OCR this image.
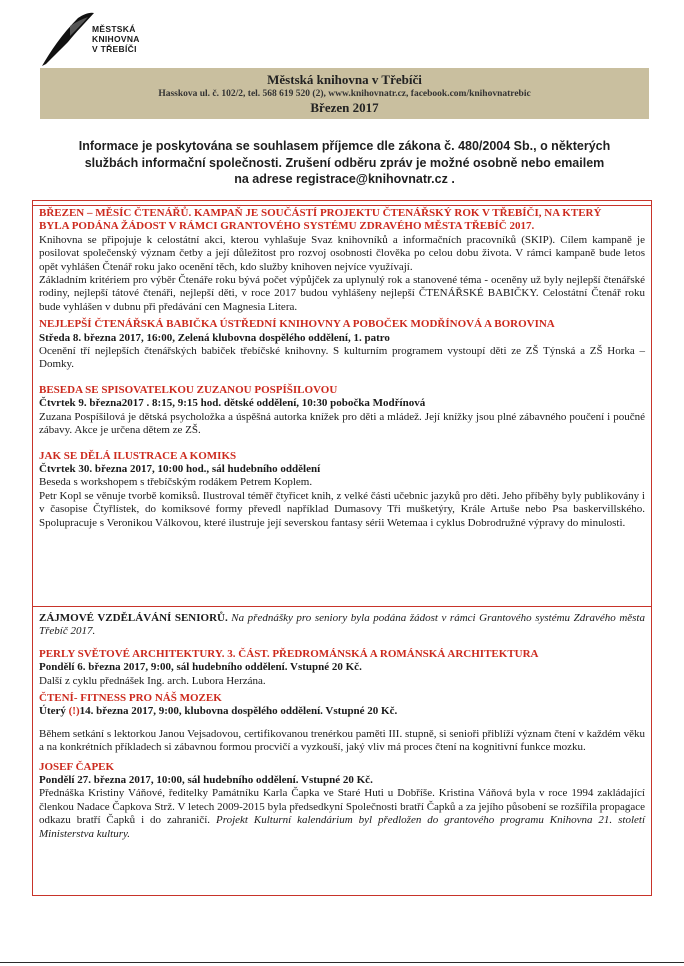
MĚSTSKÁ
KNIHOVNA
V TŘEBÍČI
Městská knihovna v Třebíči
Hasskova ul. č. 102/2, tel. 568 619 520 (2), www.knihovnatr.cz, facebook.com/knihovnatrebic
Březen 2017
Informace je poskytována se souhlasem příjemce dle zákona č. 480/2004 Sb., o některých
službách informační společnosti. Zrušení odběru zpráv je možné osobně nebo emailem
na adrese registrace@knihovnatr.cz .
BŘEZEN – MĚSÍC ČTENÁŘŮ. KAMPAŇ JE SOUČÁSTÍ PROJEKTU ČTENÁŘSKÝ ROK V TŘEBÍČI, NA KTERÝ
BYLA PODÁNA ŽÁDOST V RÁMCI GRANTOVÉHO SYSTÉMU ZDRAVÉHO MĚSTA TŘEBÍČ 2017.

Knihovna se připojuje k celostátní akci, kterou vyhlašuje Svaz knihovníků a informačních pracovníků (SKIP). Cílem kampaně je posilovat společenský význam četby a její důležitost pro rozvoj osobnosti člověka po celou dobu života. V rámci kampaně bude letos opět vyhlášen Čtenář roku jako ocenění těch, kdo služby knihoven nejvíce využívají.

Základním kritériem pro výběr Čtenáře roku bývá počet výpůjček za uplynulý rok a stanovené téma - oceněny už byly nejlepší čtenářské rodiny, nejlepší tátové čtenáři, nejlepší děti, v roce 2017 budou vyhlášeny nejlepší ČTENÁŘSKÉ BABIČKY. Celostátní Čtenář roku bude vyhlášen v dubnu při předávání cen Magnesia Litera.

NEJLEPŠÍ ČTENÁŘSKÁ BABIČKA ÚSTŘEDNÍ KNIHOVNY A POBOČEK MODŘÍNOVÁ A BOROVINA
Středa 8. března 2017, 16:00, Zelená klubovna dospělého oddělení, 1. patro

Ocenění tří nejlepších čtenářských babiček třebíčské knihovny. S kulturním programem vystoupí děti ze ZŠ Týnská a ZŠ Horka – Domky.

BESEDA SE SPISOVATELKOU ZUZANOU POSPÍŠILOVOU
Čtvrtek 9. března2017 . 8:15, 9:15 hod. dětské oddělení, 10:30 pobočka Modřínová

Zuzana Pospíšilová je dětská psycholožka a úspěšná autorka knížek pro děti a mládež. Její knížky jsou plné zábavného poučení i poučné zábavy. Akce je určena dětem ze ZŠ.

JAK SE DĚLÁ ILUSTRACE A KOMIKS
Čtvrtek 30. března 2017, 10:00 hod., sál hudebního oddělení

Beseda s workshopem s třebíčským rodákem Petrem Koplem.

Petr Kopl se věnuje tvorbě komiksů. Ilustroval téměř čtyřicet knih, z velké části učebnic jazyků pro děti. Jeho příběhy byly publikovány i v časopise Čtyřlístek, do komiksové formy převedl například Dumasovy Tři mušketýry, Krále Artuše nebo Psa baskervillského. Spolupracuje s Veronikou Válkovou, které ilustruje její severskou fantasy sérii Wetemaa i cyklus Dobrodružné výpravy do minulosti.

ZÁJMOVÉ VZDĚLÁVÁNÍ SENIORŮ. Na přednášky pro seniory byla podána žádost v rámci Grantového systému Zdravého města Třebíč 2017.

PERLY SVĚTOVÉ ARCHITEKTURY. 3. ČÁST. PŘEDROMÁNSKÁ A ROMÁNSKÁ ARCHITEKTURA
Pondělí 6. března 2017, 9:00, sál hudebního oddělení. Vstupné 20 Kč.

Další z cyklu přednášek Ing. arch. Lubora Herzána.

ČTENÍ- FITNESS PRO NÁŠ MOZEK
Úterý (!)14. března 2017, 9:00, klubovna dospělého oddělení. Vstupné 20 Kč.

Během setkání s lektorkou Janou Vejsadovou, certifikovanou trenérkou paměti III. stupně, si senioři přiblíží význam čtení v každém věku a na konkrétních příkladech si zábavnou formou procvičí a vyzkouší, jaký vliv má proces čtení na kognitivní funkce mozku.

JOSEF ČAPEK
Pondělí 27. března 2017, 10:00, sál hudebního oddělení. Vstupné 20 Kč.

Přednáška Kristiny Váňové, ředitelky Památníku Karla Čapka ve Staré Huti u Dobříše. Kristina Váňová byla v roce 1994 zakládající členkou Nadace Čapkova Strž. V letech 2009-2015 byla předsedkyní Společnosti bratří Čapků a za jejího působení se rozšířila propagace odkazu bratří Čapků i do zahraničí. Projekt Kulturní kalendárium byl předložen do grantového programu Knihovna 21. století Ministerstva kultury.
